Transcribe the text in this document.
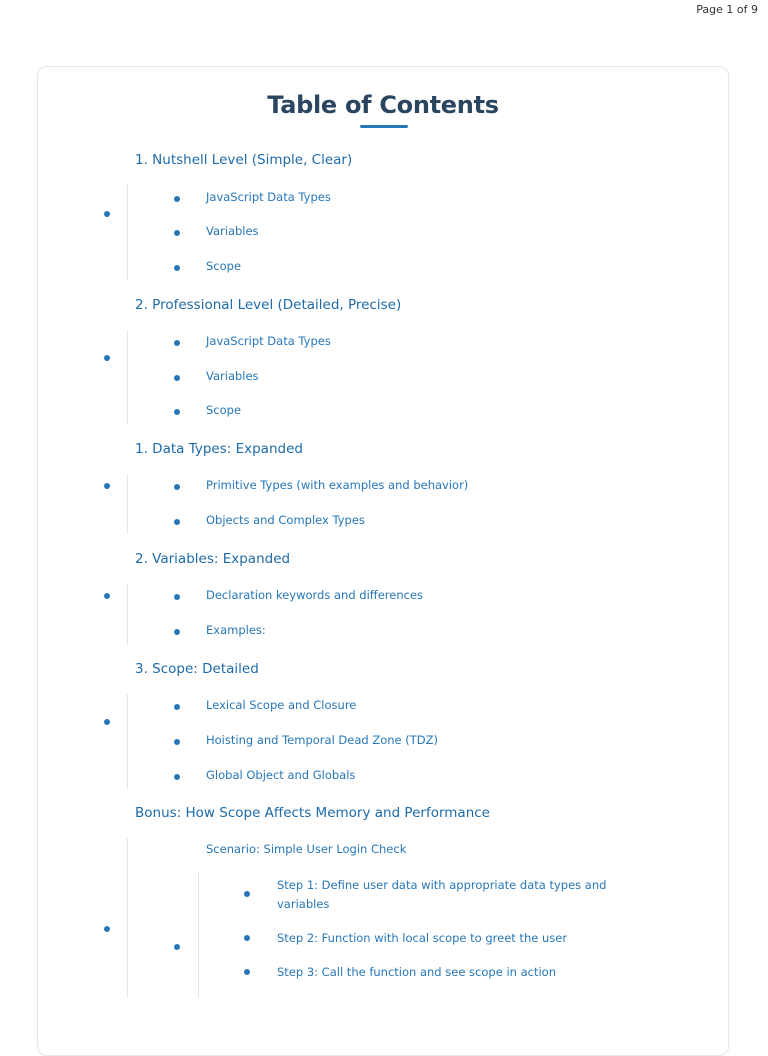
Page 1 of 9
Table of Contents
1. Nutshell Level (Simple, Clear)
JavaScript Data Types
Variables
Scope
2. Professional Level (Detailed, Precise)
JavaScript Data Types
Variables
Scope
1. Data Types: Expanded
Primitive Types (with examples and behavior)
Objects and Complex Types
2. Variables: Expanded
Declaration keywords and differences
Examples:
3. Scope: Detailed
Lexical Scope and Closure
Hoisting and Temporal Dead Zone (TDZ)
Global Object and Globals
Bonus: How Scope Affects Memory and Performance
Scenario: Simple User Login Check
Step 1: Define user data with appropriate data types and variables
Step 2: Function with local scope to greet the user
Step 3: Call the function and see scope in action
